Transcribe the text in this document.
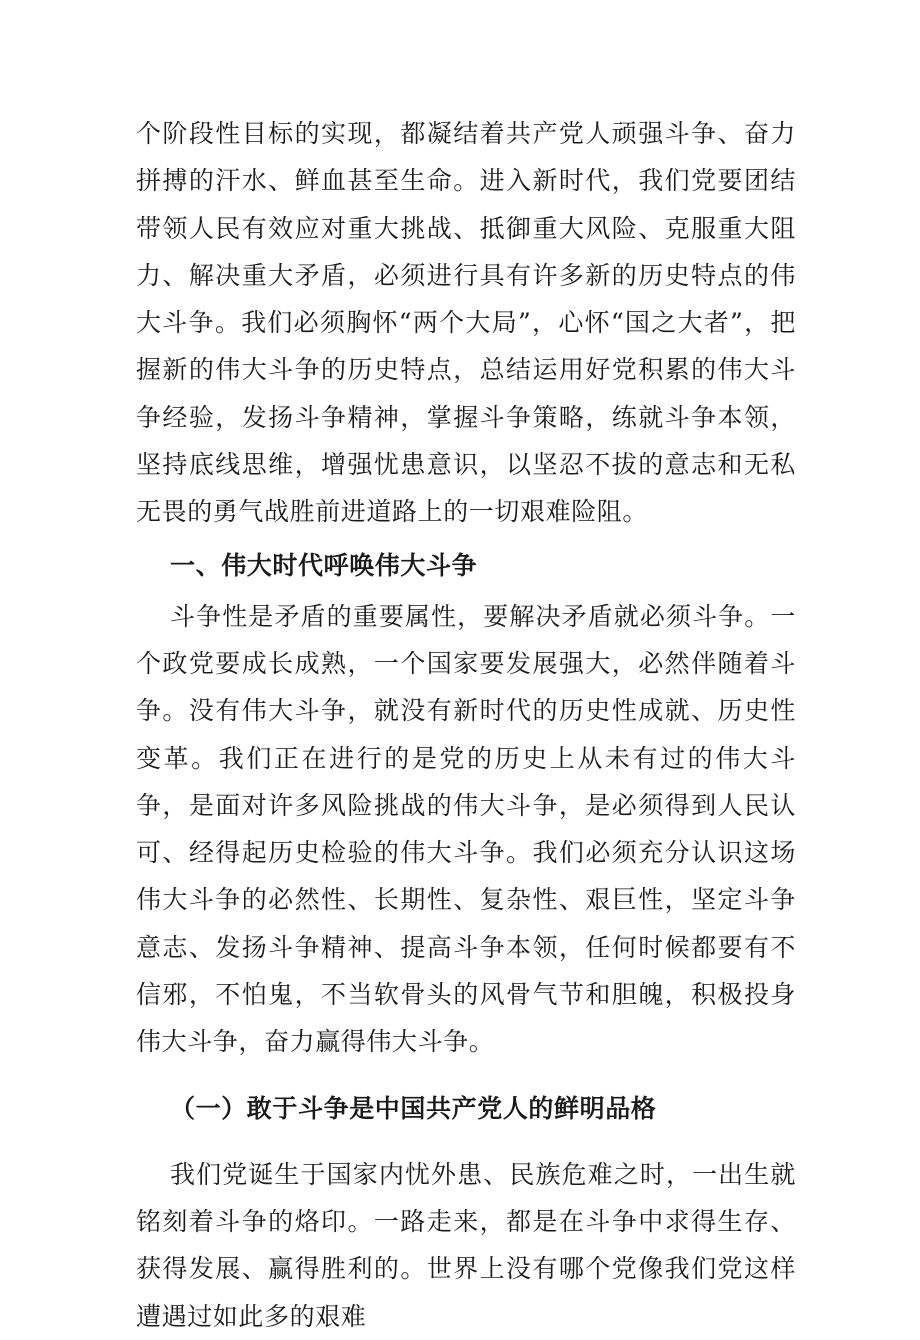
个阶段性目标的实现，都凝结着共产党人顽强斗争、奋力拼搏的汗水、鲜血甚至生命。进入新时代，我们党要团结带领人民有效应对重大挑战、抵御重大风险、克服重大阻力、解决重大矛盾，必须进行具有许多新的历史特点的伟大斗争。我们必须胸怀“两个大局”，心怀“国之大者”，把握新的伟大斗争的历史特点，总结运用好党积累的伟大斗争经验，发扬斗争精神，掌握斗争策略，练就斗争本领，坚持底线思维，增强忧患意识，以坚忍不拔的意志和无私无畏的勇气战胜前进道路上的一切艰难险阻。

一、伟大时代呼唤伟大斗争

斗争性是矛盾的重要属性，要解决矛盾就必须斗争。一个政党要成长成熟，一个国家要发展强大，必然伴随着斗争。没有伟大斗争，就没有新时代的历史性成就、历史性变革。我们正在进行的是党的历史上从未有过的伟大斗争，是面对许多风险挑战的伟大斗争，是必须得到人民认可、经得起历史检验的伟大斗争。我们必须充分认识这场伟大斗争的必然性、长期性、复杂性、艰巨性，坚定斗争意志、发扬斗争精神、提高斗争本领，任何时候都要有不信邪，不怕鬼，不当软骨头的风骨气节和胆魄，积极投身伟大斗争，奋力赢得伟大斗争。

（一）敢于斗争是中国共产党人的鲜明品格

我们党诞生于国家内忧外患、民族危难之时，一出生就铭刻着斗争的烙印。一路走来，都是在斗争中求得生存、获得发展、赢得胜利的。世界上没有哪个党像我们党这样遭遇过如此多的艰难
